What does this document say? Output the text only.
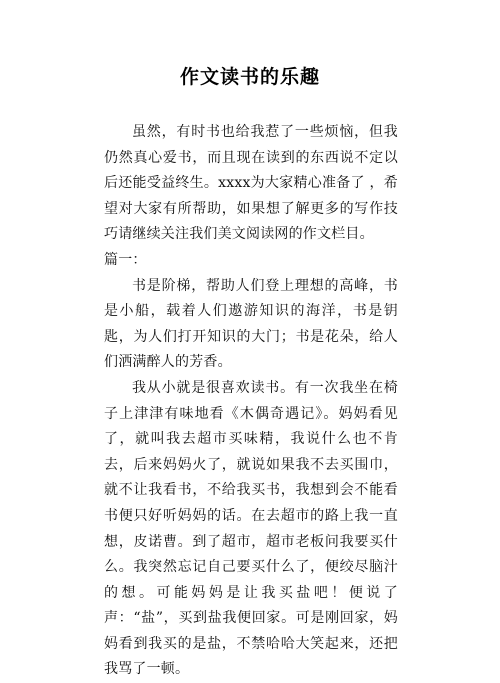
作文读书的乐趣

虽然，有时书也给我惹了一些烦恼，但我仍然真心爱书，而且现在读到的东西说不定以后还能受益终生。xxxx为大家精心准备了 ，希望对大家有所帮助，如果想了解更多的写作技巧请继续关注我们美文阅读网的作文栏目。

篇一：

书是阶梯，帮助人们登上理想的高峰，书是小船，载着人们遨游知识的海洋，书是钥匙，为人们打开知识的大门；书是花朵，给人们洒满醉人的芳香。

我从小就是很喜欢读书。有一次我坐在椅子上津津有味地看《木偶奇遇记》。妈妈看见了，就叫我去超市买味精，我说什么也不肯去，后来妈妈火了，就说如果我不去买围巾，就不让我看书，不给我买书，我想到会不能看书便只好听妈妈的话。在去超市的路上我一直想，皮诺曹。到了超市，超市老板问我要买什么。我突然忘记自己要买什么了，便绞尽脑汁的想。可能妈妈是让我买盐吧！便说了声：“盐”，买到盐我便回家。可是刚回家，妈妈看到我买的是盐，不禁哈哈大笑起来，还把我骂了一顿。
